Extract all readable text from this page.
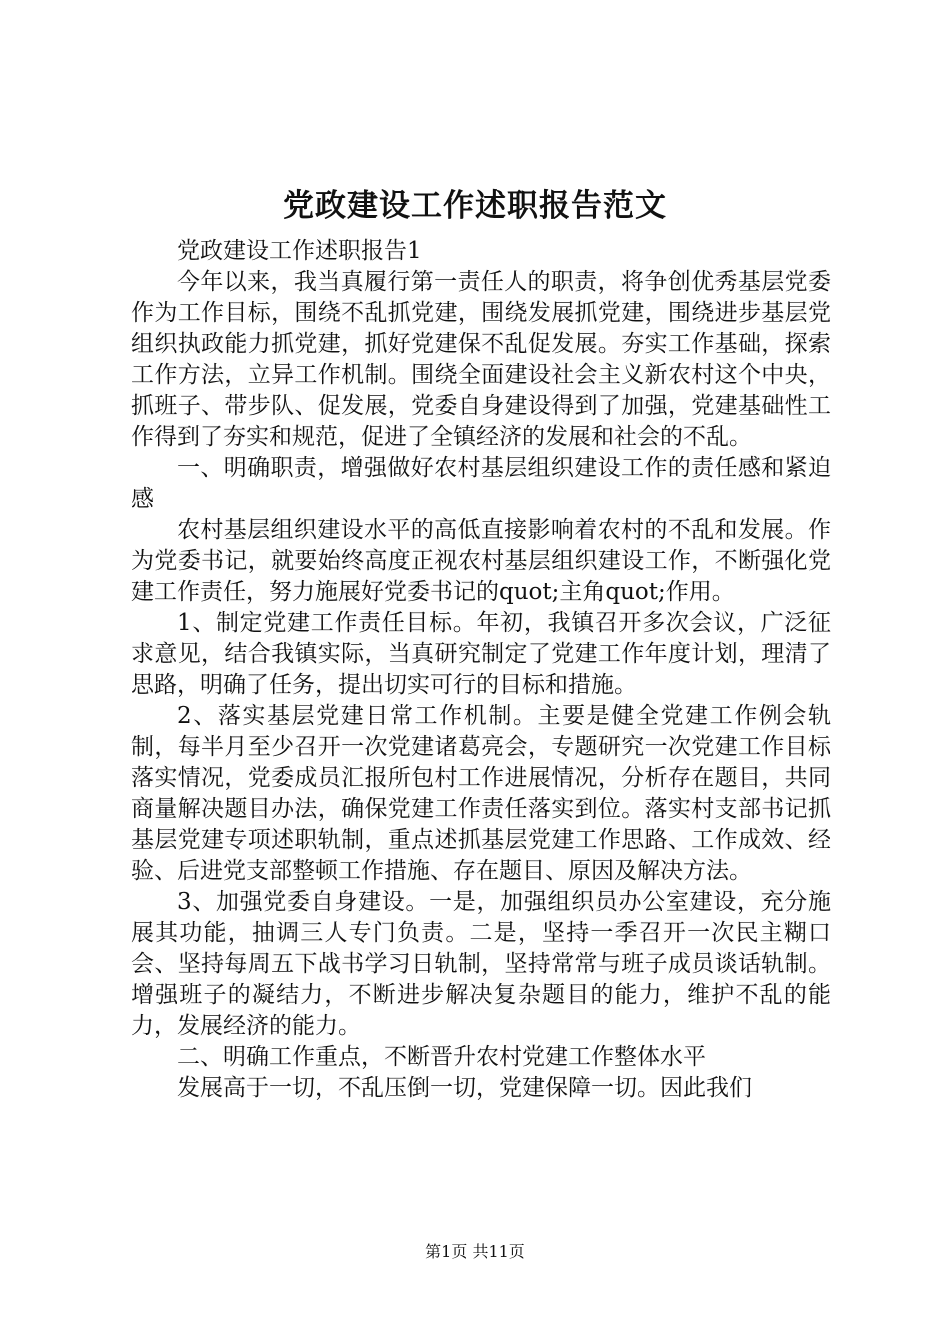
党政建设工作述职报告范文

党政建设工作述职报告1

今年以来，我当真履行第一责任人的职责，将争创优秀基层党委作为工作目标，围绕不乱抓党建，围绕发展抓党建，围绕进步基层党组织执政能力抓党建，抓好党建保不乱促发展。夯实工作基础，探索工作方法，立异工作机制。围绕全面建设社会主义新农村这个中央，抓班子、带步队、促发展，党委自身建设得到了加强，党建基础性工作得到了夯实和规范，促进了全镇经济的发展和社会的不乱。

一、明确职责，增强做好农村基层组织建设工作的责任感和紧迫感

农村基层组织建设水平的高低直接影响着农村的不乱和发展。作为党委书记，就要始终高度正视农村基层组织建设工作，不断强化党建工作责任，努力施展好党委书记的quot;主角quot;作用。

1、制定党建工作责任目标。年初，我镇召开多次会议，广泛征求意见，结合我镇实际，当真研究制定了党建工作年度计划，理清了思路，明确了任务，提出切实可行的目标和措施。

2、落实基层党建日常工作机制。主要是健全党建工作例会轨制，每半月至少召开一次党建诸葛亮会，专题研究一次党建工作目标落实情况，党委成员汇报所包村工作进展情况，分析存在题目，共同商量解决题目办法，确保党建工作责任落实到位。落实村支部书记抓基层党建专项述职轨制，重点述抓基层党建工作思路、工作成效、经验、后进党支部整顿工作措施、存在题目、原因及解决方法。

3、加强党委自身建设。一是，加强组织员办公室建设，充分施展其功能，抽调三人专门负责。二是，坚持一季召开一次民主糊口会、坚持每周五下战书学习日轨制，坚持常常与班子成员谈话轨制。增强班子的凝结力，不断进步解决复杂题目的能力，维护不乱的能力，发展经济的能力。

二、明确工作重点，不断晋升农村党建工作整体水平

发展高于一切，不乱压倒一切，党建保障一切。因此我们

第1页 共11页
